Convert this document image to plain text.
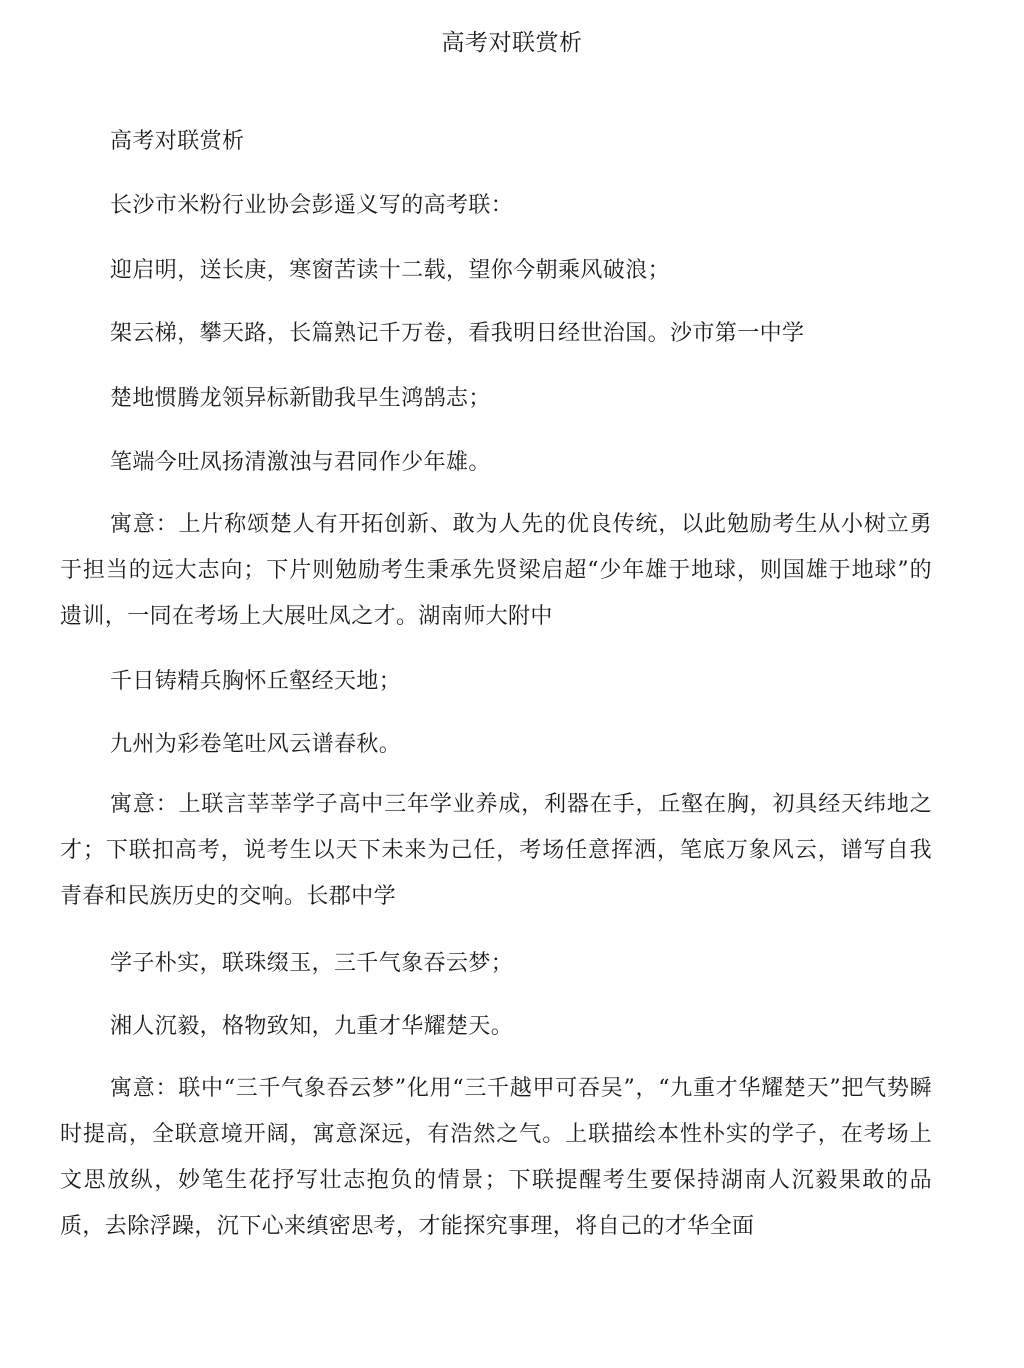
高考对联赏析
高考对联赏析
长沙市米粉行业协会彭遥义写的高考联：
迎启明，送长庚，寒窗苦读十二载，望你今朝乘风破浪；
架云梯，攀天路，长篇熟记千万卷，看我明日经世治国。沙市第一中学
楚地惯腾龙领异标新勖我早生鸿鹄志；
笔端今吐凤扬清激浊与君同作少年雄。
寓意：上片称颂楚人有开拓创新、敢为人先的优良传统，以此勉励考生从小树立勇于担当的远大志向；下片则勉励考生秉承先贤梁启超“少年雄于地球，则国雄于地球”的遗训，一同在考场上大展吐凤之才。湖南师大附中
千日铸精兵胸怀丘壑经天地；
九州为彩卷笔吐风云谱春秋。
寓意：上联言莘莘学子高中三年学业养成，利器在手，丘壑在胸，初具经天纬地之才；下联扣高考，说考生以天下未来为己任，考场任意挥洒，笔底万象风云，谱写自我青春和民族历史的交响。长郡中学
学子朴实，联珠缀玉，三千气象吞云梦；
湘人沉毅，格物致知，九重才华耀楚天。
寓意：联中“三千气象吞云梦”化用“三千越甲可吞吴”，“九重才华耀楚天”把气势瞬时提高，全联意境开阔，寓意深远，有浩然之气。上联描绘本性朴实的学子，在考场上文思放纵，妙笔生花抒写壮志抱负的情景；下联提醒考生要保持湖南人沉毅果敢的品质，去除浮躁，沉下心来缜密思考，才能探究事理，将自己的才华全面
